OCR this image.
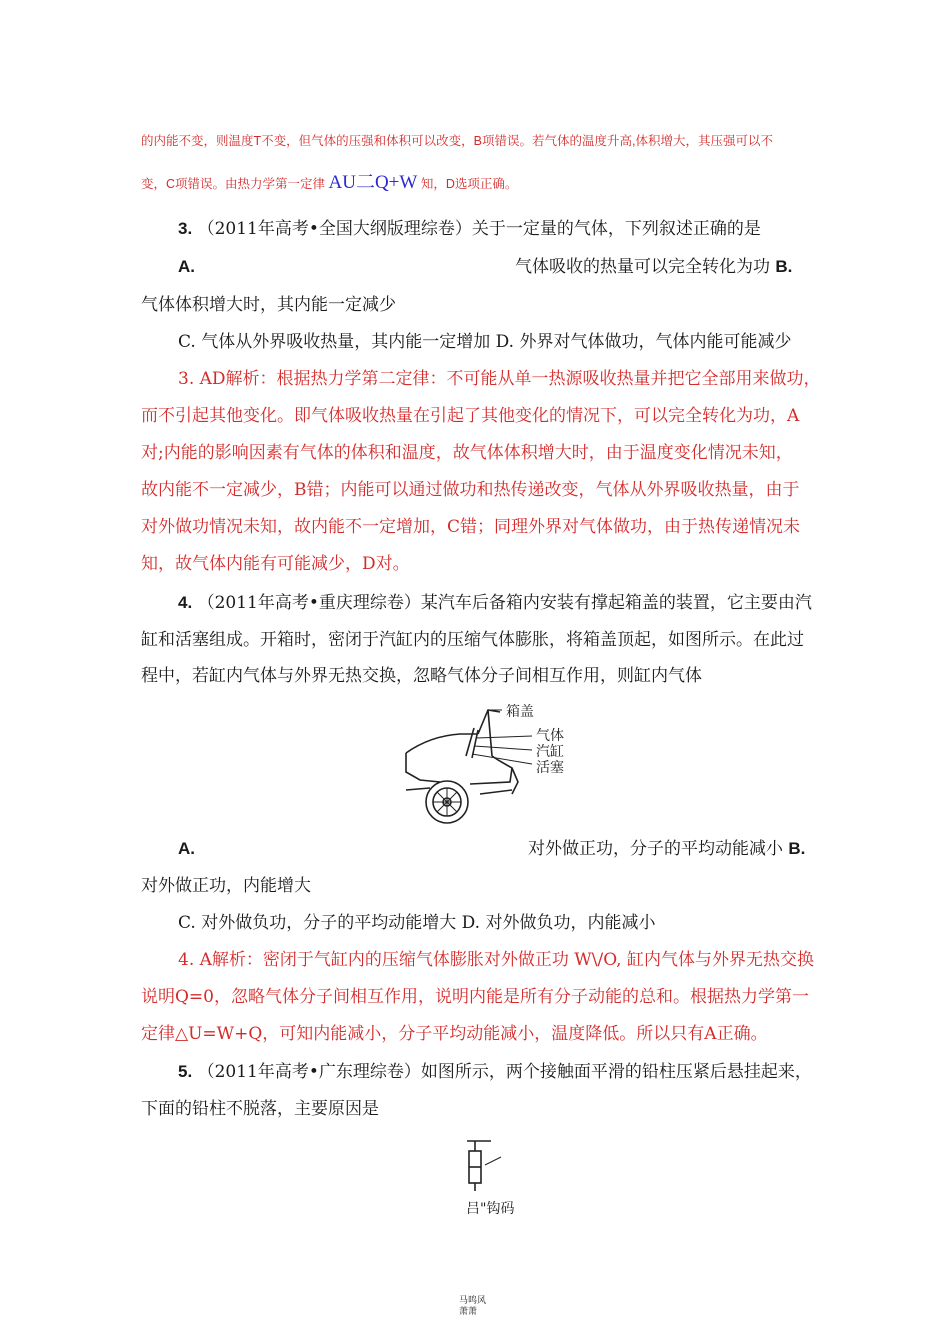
的内能不变，则温度T不变，但气体的压强和体积可以改变，B项错误。若气体的温度升高,体积增大，其压强可以不
变，C项错误。由热力学第一定律 AU二Q+W 知，D选项正确。
3. （2011年高考•全国大纲版理综卷）关于一定量的气体，下列叙述正确的是
A.	气体吸收的热量可以完全转化为功 B.
气体体积增大时，其内能一定减少
C. 气体从外界吸收热量，其内能一定增加 D. 外界对气体做功，气体内能可能减少
3. AD解析：根据热力学第二定律：不可能从单一热源吸收热量并把它全部用来做功，
而不引起其他变化。即气体吸收热量在引起了其他变化的情况下，可以完全转化为功，A
对;内能的影响因素有气体的体积和温度，故气体体积增大时，由于温度变化情况未知，
故内能不一定减少，B错；内能可以通过做功和热传递改变，气体从外界吸收热量，由于
对外做功情况未知，故内能不一定增加，C错；同理外界对气体做功，由于热传递情况未
知，故气体内能有可能减少，D对。
4. （2011年高考•重庆理综卷）某汽车后备箱内安装有撑起箱盖的装置，它主要由汽
缸和活塞组成。开箱时，密闭于汽缸内的压缩气体膨胀，将箱盖顶起，如图所示。在此过
程中，若缸内气体与外界无热交换，忽略气体分子间相互作用，则缸内气体
箱盖
气体
汽缸
活塞
A.	对外做正功，分子的平均动能减小 B.
对外做正功，内能增大
C. 对外做负功，分子的平均动能增大 D. 对外做负功，内能减小
4. A解析：密闭于气缸内的压缩气体膨胀对外做正功 W\/O, 缸内气体与外界无热交换
说明Q=0，忽略气体分子间相互作用，说明内能是所有分子动能的总和。根据热力学第一
定律△U=W+Q，可知内能减小，分子平均动能减小，温度降低。所以只有A正确。
5. （2011年高考•广东理综卷）如图所示，两个接触面平滑的铅柱压紧后悬挂起来，
下面的铅柱不脱落，主要原因是
吕"钩码
马鸣风
萧萧
